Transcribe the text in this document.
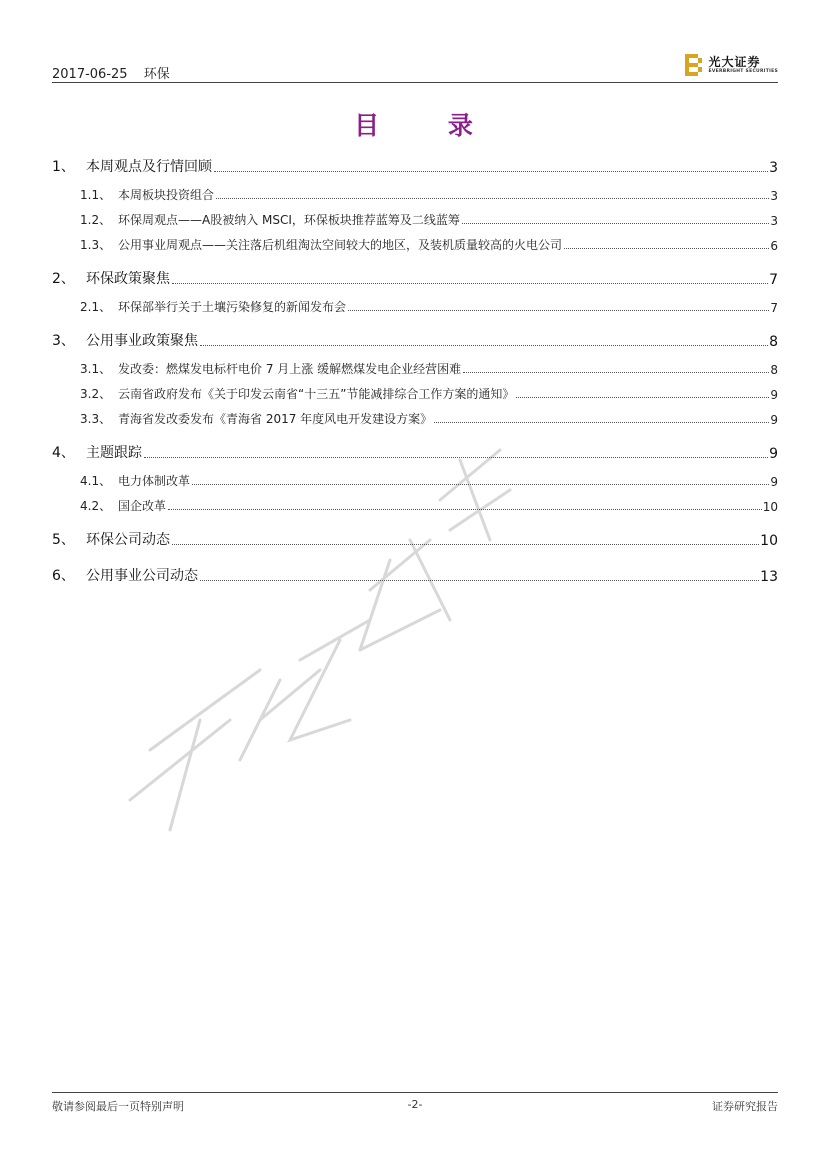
2017-06-25 环保
光大证券
EVERBRIGHT SECURITIES
目 录
1、 本周观点及行情回顾	3
1.1、 本周板块投资组合	3
1.2、 环保周观点——A股被纳入 MSCI，环保板块推荐蓝筹及二线蓝筹	3
1.3、 公用事业周观点——关注落后机组淘汰空间较大的地区，及装机质量较高的火电公司	6
2、 环保政策聚焦	7
2.1、 环保部举行关于土壤污染修复的新闻发布会	7
3、 公用事业政策聚焦	8
3.1、 发改委：燃煤发电标杆电价 7 月上涨 缓解燃煤发电企业经营困难	8
3.2、 云南省政府发布《关于印发云南省“十三五”节能减排综合工作方案的通知》	9
3.3、 青海省发改委发布《青海省 2017 年度风电开发建设方案》	9
4、 主题跟踪	9
4.1、 电力体制改革	9
4.2、 国企改革	10
5、 环保公司动态	10
6、 公用事业公司动态	13
敬请参阅最后一页特别声明	-2-	证券研究报告
